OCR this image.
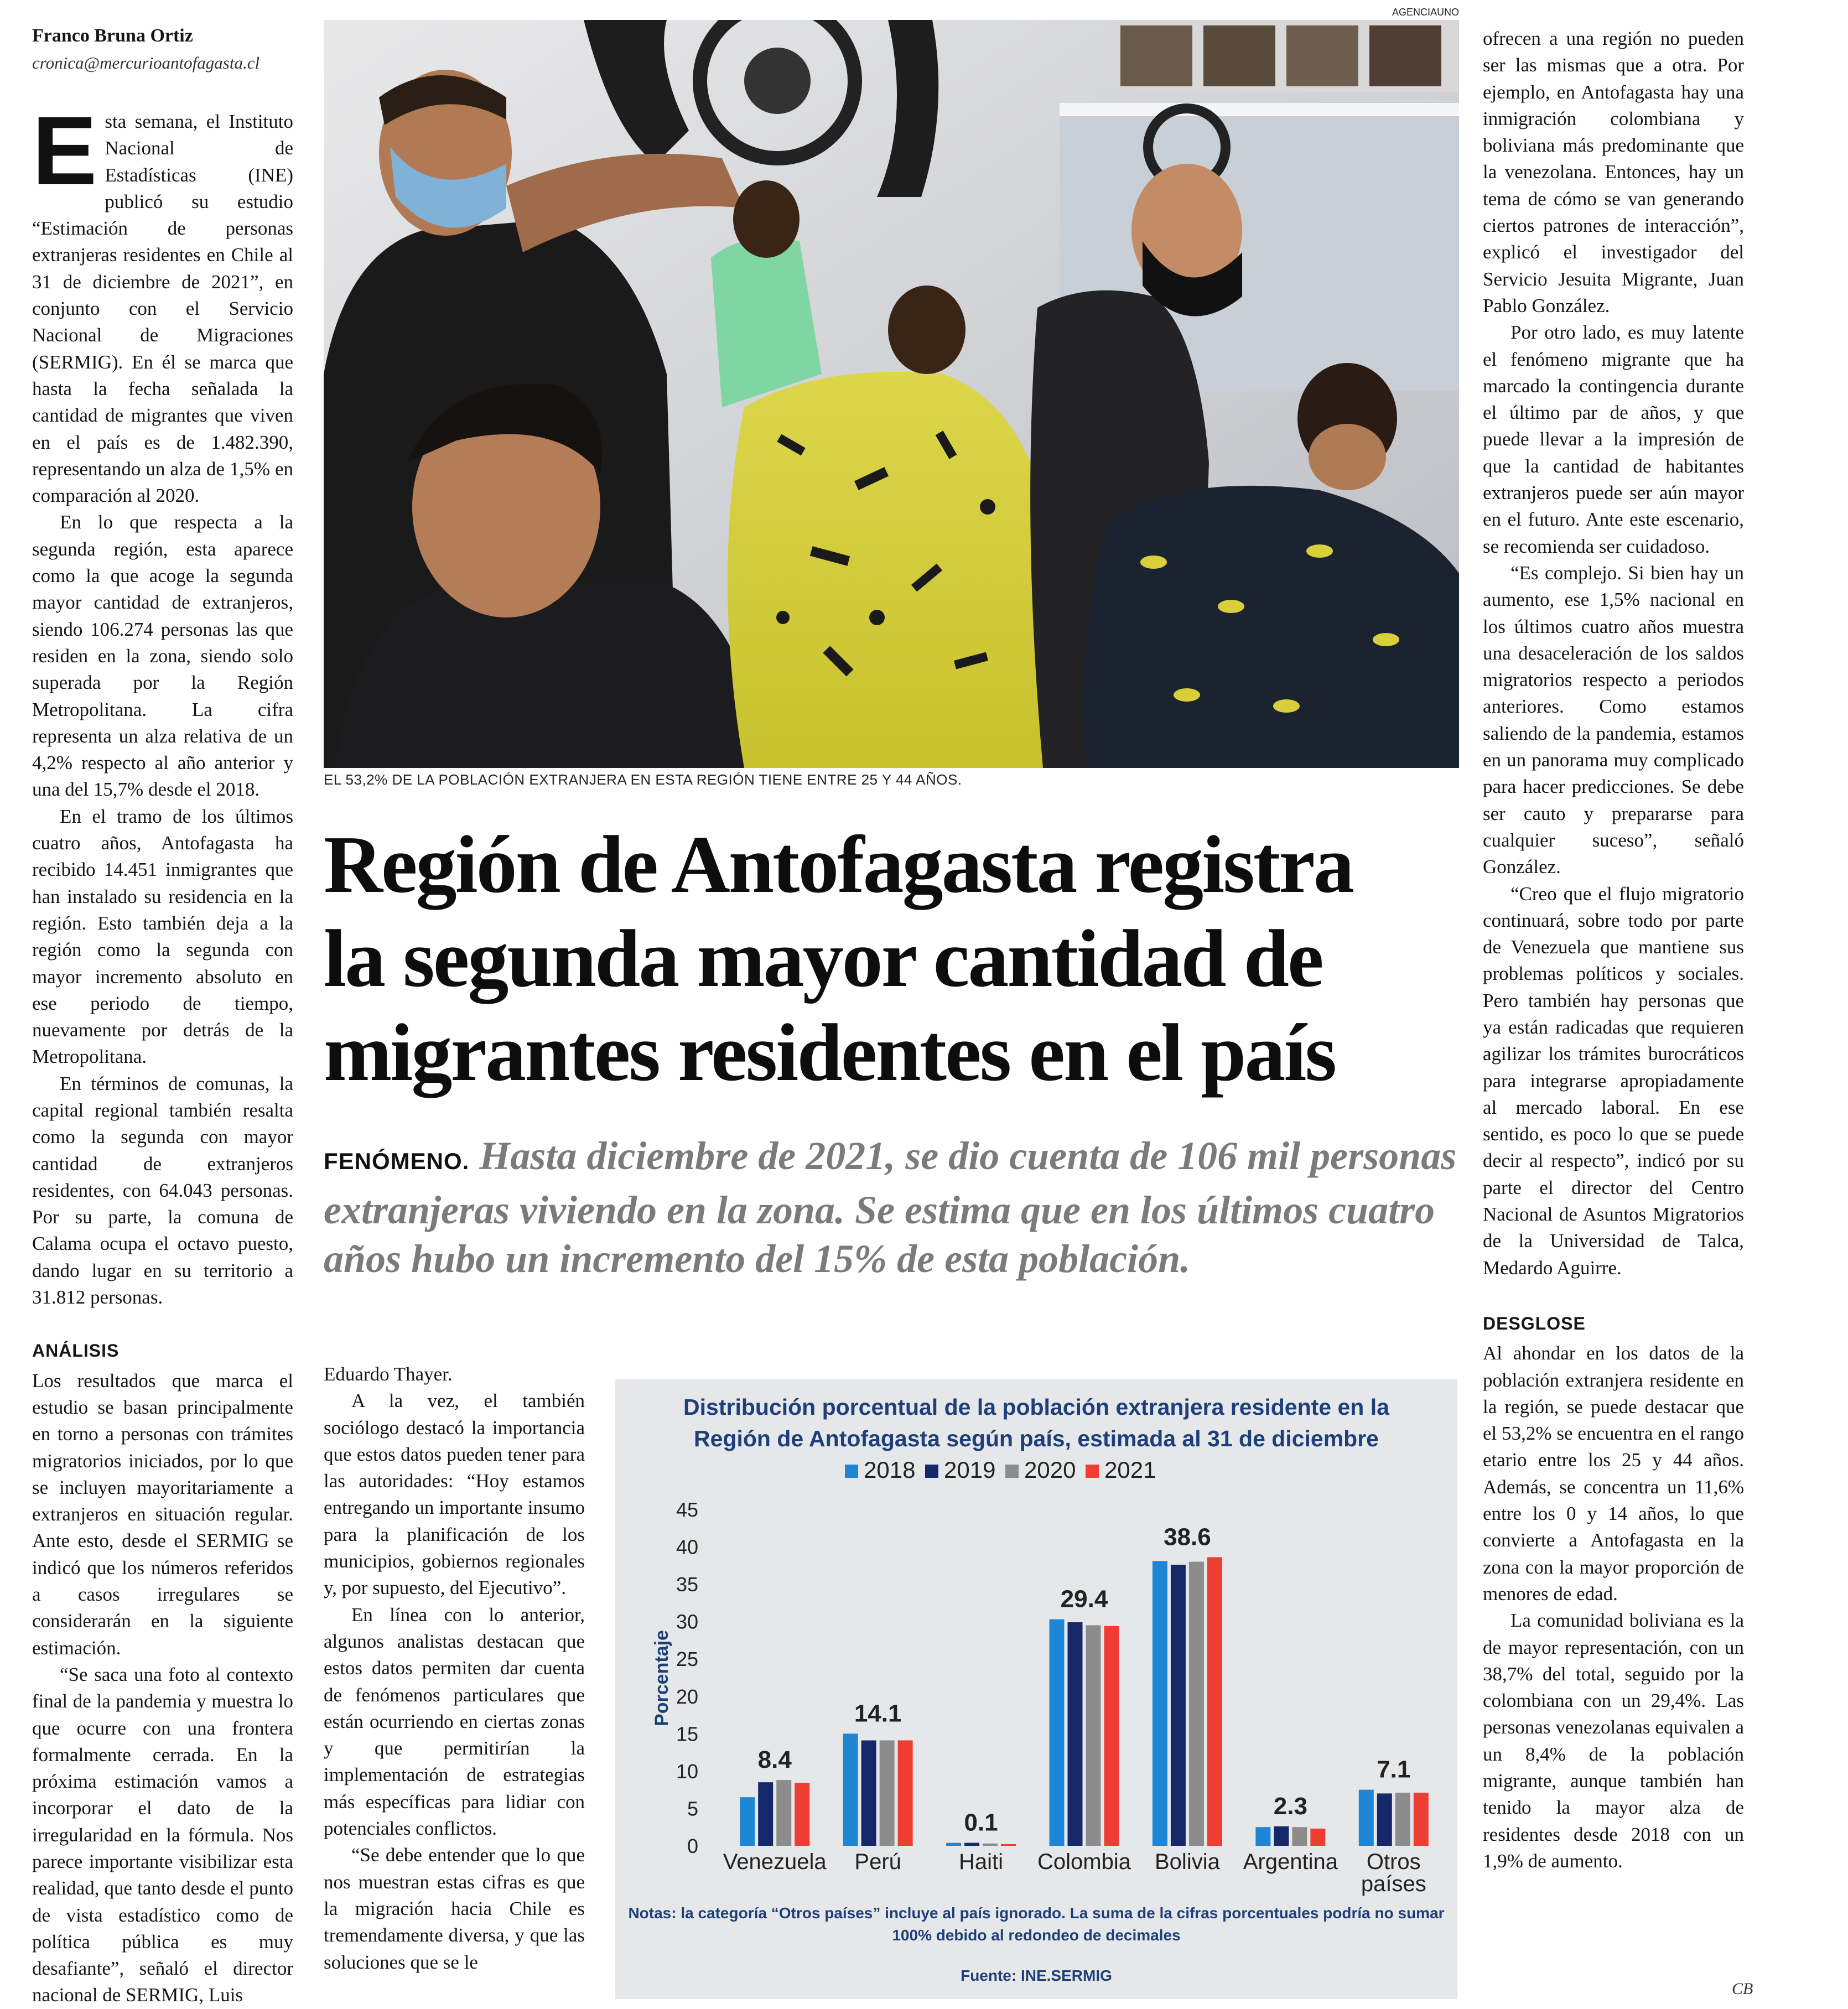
Franco Bruna Ortiz
cronica@mercurioantofagasta.cl

Esta semana, el Instituto Nacional de Estadísticas (INE) publicó su estudio “Estimación de personas extranjeras residentes en Chile al 31 de diciembre de 2021”, en conjunto con el Servicio Nacional de Migraciones (SERMIG). En él se marca que hasta la fecha señalada la cantidad de migrantes que viven en el país es de 1.482.390, representando un alza de 1,5% en comparación al 2020.

En lo que respecta a la segunda región, esta aparece como la que acoge la segunda mayor cantidad de extranjeros, siendo 106.274 personas las que residen en la zona, siendo solo superada por la Región Metropolitana. La cifra representa un alza relativa de un 4,2% respecto al año anterior y una del 15,7% desde el 2018.

En el tramo de los últimos cuatro años, Antofagasta ha recibido 14.451 inmigrantes que han instalado su residencia en la región. Esto también deja a la región como la segunda con mayor incremento absoluto en ese periodo de tiempo, nuevamente por detrás de la Metropolitana.

En términos de comunas, la capital regional también resalta como la segunda con mayor cantidad de extranjeros residentes, con 64.043 personas. Por su parte, la comuna de Calama ocupa el octavo puesto, dando lugar en su territorio a 31.812 personas.

ANÁLISIS

Los resultados que marca el estudio se basan principalmente en torno a personas con trámites migratorios iniciados, por lo que se incluyen mayoritariamente a extranjeros en situación regular. Ante esto, desde el SERMIG se indicó que los números referidos a casos irregulares se considerarán en la siguiente estimación.

“Se saca una foto al contexto final de la pandemia y muestra lo que ocurre con una frontera formalmente cerrada. En la próxima estimación vamos a incorporar el dato de la irregularidad en la fórmula. Nos parece importante visibilizar esta realidad, que tanto desde el punto de vista estadístico como de política pública es muy desafiante”, señaló el director nacional de SERMIG, Luis

AGENCIAUNO
EL 53,2% DE LA POBLACIÓN EXTRANJERA EN ESTA REGIÓN TIENE ENTRE 25 Y 44 AÑOS.
Región de Antofagasta registra
la segunda mayor cantidad de
migrantes residentes en el país
FENÓMENO. Hasta diciembre de 2021, se dio cuenta de 106 mil personas extranjeras viviendo en la zona. Se estima que en los últimos cuatro años hubo un incremento del 15% de esta población.

Eduardo Thayer.

A la vez, el también sociólogo destacó la importancia que estos datos pueden tener para las autoridades: “Hoy estamos entregando un importante insumo para la planificación de los municipios, gobiernos regionales y, por supuesto, del Ejecutivo”.

En línea con lo anterior, algunos analistas destacan que estos datos permiten dar cuenta de fenómenos particulares que están ocurriendo en ciertas zonas y que permitirían la implementación de estrategias más específicas para lidiar con potenciales conflictos.

“Se debe entender que lo que nos muestran estas cifras es que la migración hacia Chile es tremendamente diversa, y que las soluciones que se le

Distribución porcentual de la población extranjera residente en la
Región de Antofagasta según país, estimada al 31 de diciembre
2018 2019 2020 2021
0
5
10
15
20
25
30
35
40
45
Porcentaje
8.4
Venezuela
14.1
Perú
0.1
Haiti
29.4
Colombia
38.6
Bolivia
2.3
Argentina
7.1
Otros
países
Notas: la categoría “Otros países” incluye al país ignorado. La suma de la cifras porcentuales podría no sumar 100% debido al redondeo de decimales
Fuente: INE.SERMIG

ofrecen a una región no pueden ser las mismas que a otra. Por ejemplo, en Antofagasta hay una inmigración colombiana y boliviana más predominante que la venezolana. Entonces, hay un tema de cómo se van generando ciertos patrones de interacción”, explicó el investigador del Servicio Jesuita Migrante, Juan Pablo González.

Por otro lado, es muy latente el fenómeno migrante que ha marcado la contingencia durante el último par de años, y que puede llevar a la impresión de que la cantidad de habitantes extranjeros puede ser aún mayor en el futuro. Ante este escenario, se recomienda ser cuidadoso.

“Es complejo. Si bien hay un aumento, ese 1,5% nacional en los últimos cuatro años muestra una desaceleración de los saldos migratorios respecto a periodos anteriores. Como estamos saliendo de la pandemia, estamos en un panorama muy complicado para hacer predicciones. Se debe ser cauto y prepararse para cualquier suceso”, señaló González.

“Creo que el flujo migratorio continuará, sobre todo por parte de Venezuela que mantiene sus problemas políticos y sociales. Pero también hay personas que ya están radicadas que requieren agilizar los trámites burocráticos para integrarse apropiadamente al mercado laboral. En ese sentido, es poco lo que se puede decir al respecto”, indicó por su parte el director del Centro Nacional de Asuntos Migratorios de la Universidad de Talca, Medardo Aguirre.

DESGLOSE

Al ahondar en los datos de la población extranjera residente en la región, se puede destacar que el 53,2% se encuentra en el rango etario entre los 25 y 44 años. Además, se concentra un 11,6% entre los 0 y 14 años, lo que convierte a Antofagasta en la zona con la mayor proporción de menores de edad.

La comunidad boliviana es la de mayor representación, con un 38,7% del total, seguido por la colombiana con un 29,4%. Las personas venezolanas equivalen a un 8,4% de la población migrante, aunque también han tenido la mayor alza de residentes desde 2018 con un 1,9% de aumento.

CB
